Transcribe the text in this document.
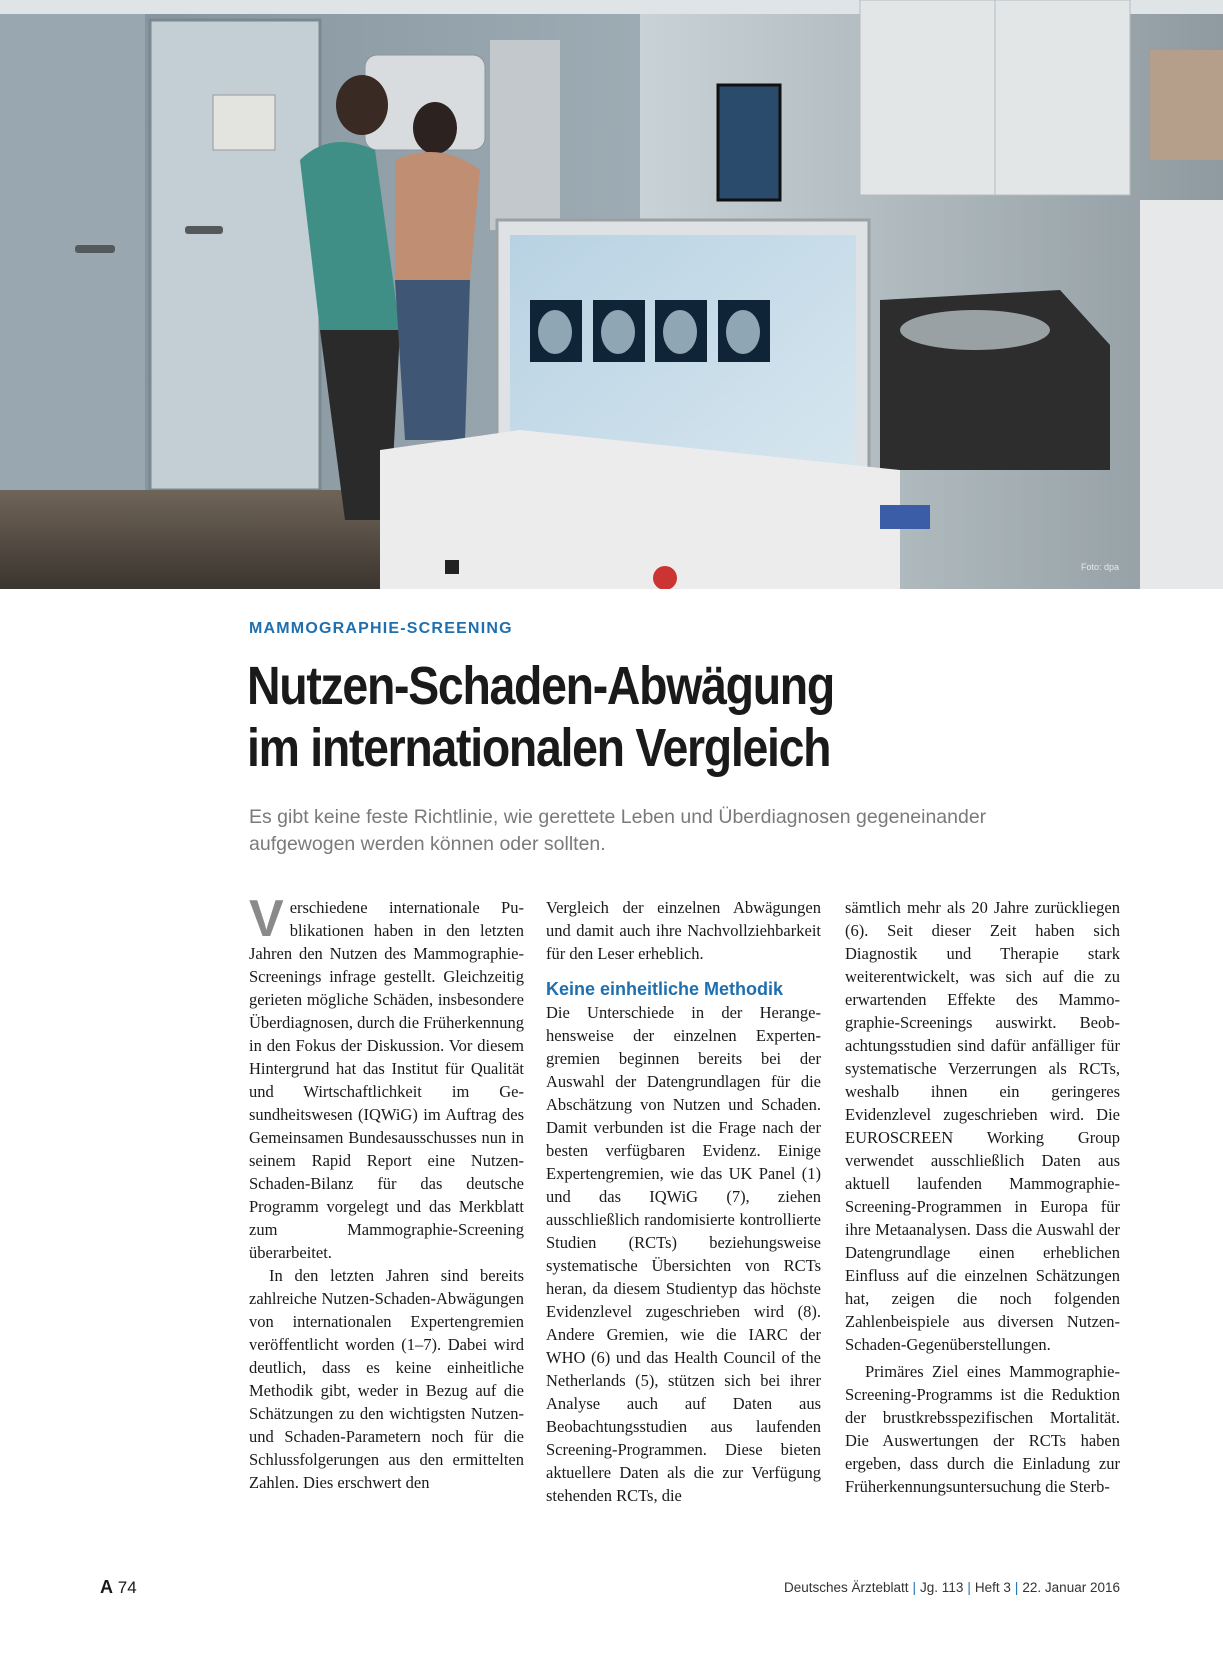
Foto: dpa
MAMMOGRAPHIE-SCREENING
Nutzen-Schaden-Abwägung
im internationalen Vergleich

Es gibt keine feste Richtlinie, wie gerettete Leben und Überdiagnosen gegeneinander aufgewogen werden können oder sollten.

Verschiedene internationale Publikationen haben in den letzten Jahren den Nutzen des Mammographie-Screenings infrage gestellt. Gleichzeitig gerieten mögliche Schäden, insbesondere Überdiagnosen, durch die Früherkennung in den Fokus der Diskussion. Vor diesem Hintergrund hat das Institut für Qualität und Wirtschaftlichkeit im Gesundheitswesen (IQWiG) im Auftrag des Gemeinsamen Bundesausschusses nun in seinem Rapid Report eine Nutzen-Schaden-Bilanz für das deutsche Programm vorgelegt und das Merkblatt zum Mammographie-Screening überarbeitet.

In den letzten Jahren sind bereits zahlreiche Nutzen-Schaden-Abwägungen von internationalen Expertengremien veröffentlicht worden (1–7). Dabei wird deutlich, dass es keine einheitliche Methodik gibt, weder in Bezug auf die Schätzungen zu den wichtigsten Nutzen- und Schaden-Parametern noch für die Schlussfolgerungen aus den ermittelten Zahlen. Dies erschwert den

Vergleich der einzelnen Abwägungen und damit auch ihre Nachvollziehbarkeit für den Leser erheblich.

Keine einheitliche Methodik

Die Unterschiede in der Herangehensweise der einzelnen Expertengremien beginnen bereits bei der Auswahl der Datengrundlagen für die Abschätzung von Nutzen und Schaden. Damit verbunden ist die Frage nach der besten verfügbaren Evidenz. Einige Expertengremien, wie das UK Panel (1) und das IQWiG (7), ziehen ausschließlich randomisierte kontrollierte Studien (RCTs) beziehungsweise systematische Übersichten von RCTs heran, da diesem Studientyp das höchste Evidenzlevel zugeschrieben wird (8). Andere Gremien, wie die IARC der WHO (6) und das Health Council of the Netherlands (5), stützen sich bei ihrer Analyse auch auf Daten aus Beobachtungsstudien aus laufenden Screening-Programmen. Diese bieten aktuellere Daten als die zur Verfügung stehenden RCTs, die

sämtlich mehr als 20 Jahre zurückliegen (6). Seit dieser Zeit haben sich Diagnostik und Therapie stark weiterentwickelt, was sich auf die zu erwartenden Effekte des Mammographie-Screenings auswirkt. Beobachtungsstudien sind dafür anfälliger für systematische Verzerrungen als RCTs, weshalb ihnen ein geringeres Evidenzlevel zugeschrieben wird. Die EUROSCREEN Working Group verwendet ausschließlich Daten aus aktuell laufenden Mammographie-Screening-Programmen in Europa für ihre Metaanalysen. Dass die Auswahl der Datengrundlage einen erheblichen Einfluss auf die einzelnen Schätzungen hat, zeigen die noch folgenden Zahlenbeispiele aus diversen Nutzen-Schaden-Gegenüberstellungen.

Primäres Ziel eines Mammographie-Screening-Programms ist die Reduktion der brustkrebsspezifischen Mortalität. Die Auswertungen der RCTs haben ergeben, dass durch die Einladung zur Früherkennungsuntersuchung die Sterb-

A 74	Deutsches Ärzteblatt | Jg. 113 | Heft 3 | 22. Januar 2016
